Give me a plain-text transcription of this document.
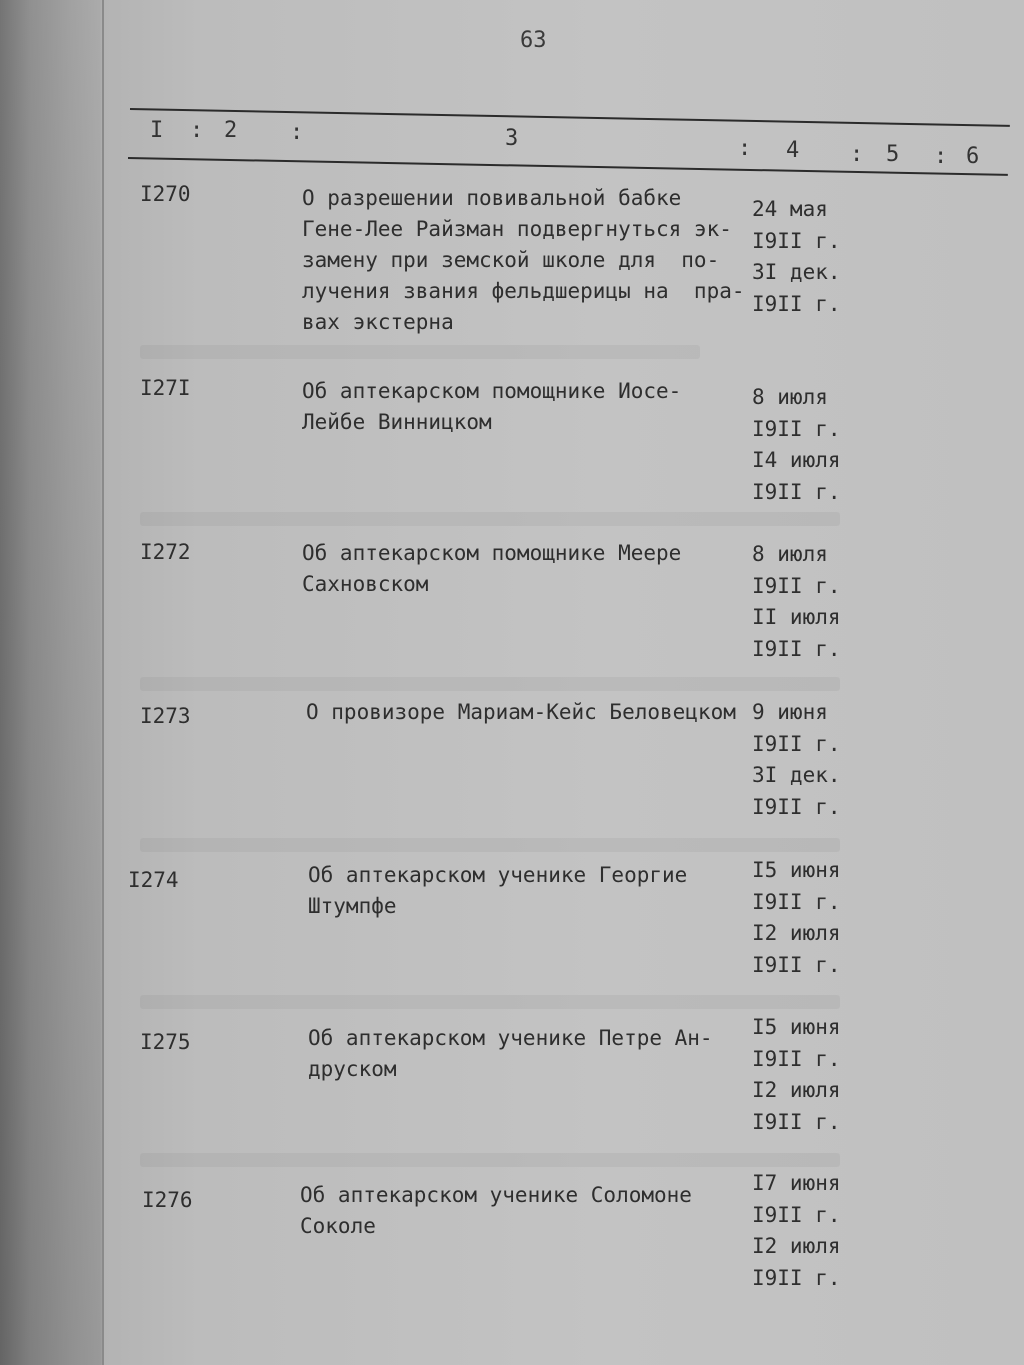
63
I : 2 :	3	: 4 : 5 : 6
I270	О разрешении повивальной бабке
Гене-Лее Райзман подвергнуться эк-
замену при земской школе для  по-
лучения звания фельдшерицы на  пра-
вах экстерна
24 мая
I9II г.
3I дек.
I9II г.
I27I	Об аптекарском помощнике Иосе-
Лейбе Винницком
8 июля
I9II г.
I4 июля
I9II г.
I272	Об аптекарском помощнике Меере
Сахновском
8 июля
I9II г.
II июля
I9II г.
I273	О провизоре Мариам-Кейс Беловецком 9 июня
I9II г.
3I дек.
I9II г.
I274	Об аптекарском ученике Георгие
Штумпфе
I5 июня
I9II г.
I2 июля
I9II г.
I275	Об аптекарском ученике Петре Ан-
друском
I5 июня
I9II г.
I2 июля
I9II г.
I276	Об аптекарском ученике Соломоне
Соколе
I7 июня
I9II г.
I2 июля
I9II г.
